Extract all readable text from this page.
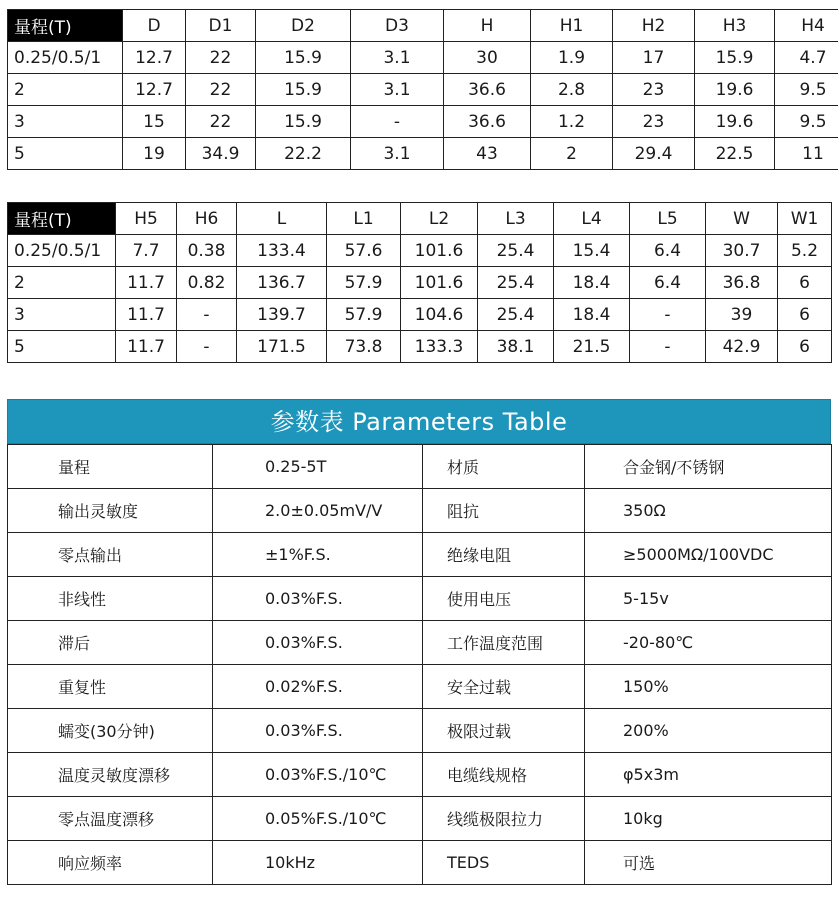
量程(T)	D	D1	D2	D3	H	H1	H2	H3	H4
0.25/0.5/1	12.7	22	15.9	3.1	30	1.9	17	15.9	4.7
2	12.7	22	15.9	3.1	36.6	2.8	23	19.6	9.5
3	15	22	15.9	-	36.6	1.2	23	19.6	9.5
5	19	34.9	22.2	3.1	43	2	29.4	22.5	11
量程(T)	H5	H6	L	L1	L2	L3	L4	L5	W	W1
0.25/0.5/1	7.7	0.38	133.4	57.6	101.6	25.4	15.4	6.4	30.7	5.2
2	11.7	0.82	136.7	57.9	101.6	25.4	18.4	6.4	36.8	6
3	11.7	-	139.7	57.9	104.6	25.4	18.4	-	39	6
5	11.7	-	171.5	73.8	133.3	38.1	21.5	-	42.9	6
参数表 Parameters Table
量程	0.25-5T	材质	合金钢/不锈钢
输出灵敏度	2.0±0.05mV/V	阻抗	350Ω
零点输出	±1%F.S.	绝缘电阻	≥5000MΩ/100VDC
非线性	0.03%F.S.	使用电压	5-15v
滞后	0.03%F.S.	工作温度范围	-20-80℃
重复性	0.02%F.S.	安全过载	150%
蠕变(30分钟)	0.03%F.S.	极限过载	200%
温度灵敏度漂移	0.03%F.S./10℃	电缆线规格	φ5x3m
零点温度漂移	0.05%F.S./10℃	线缆极限拉力	10kg
响应频率	10kHz	TEDS	可选
